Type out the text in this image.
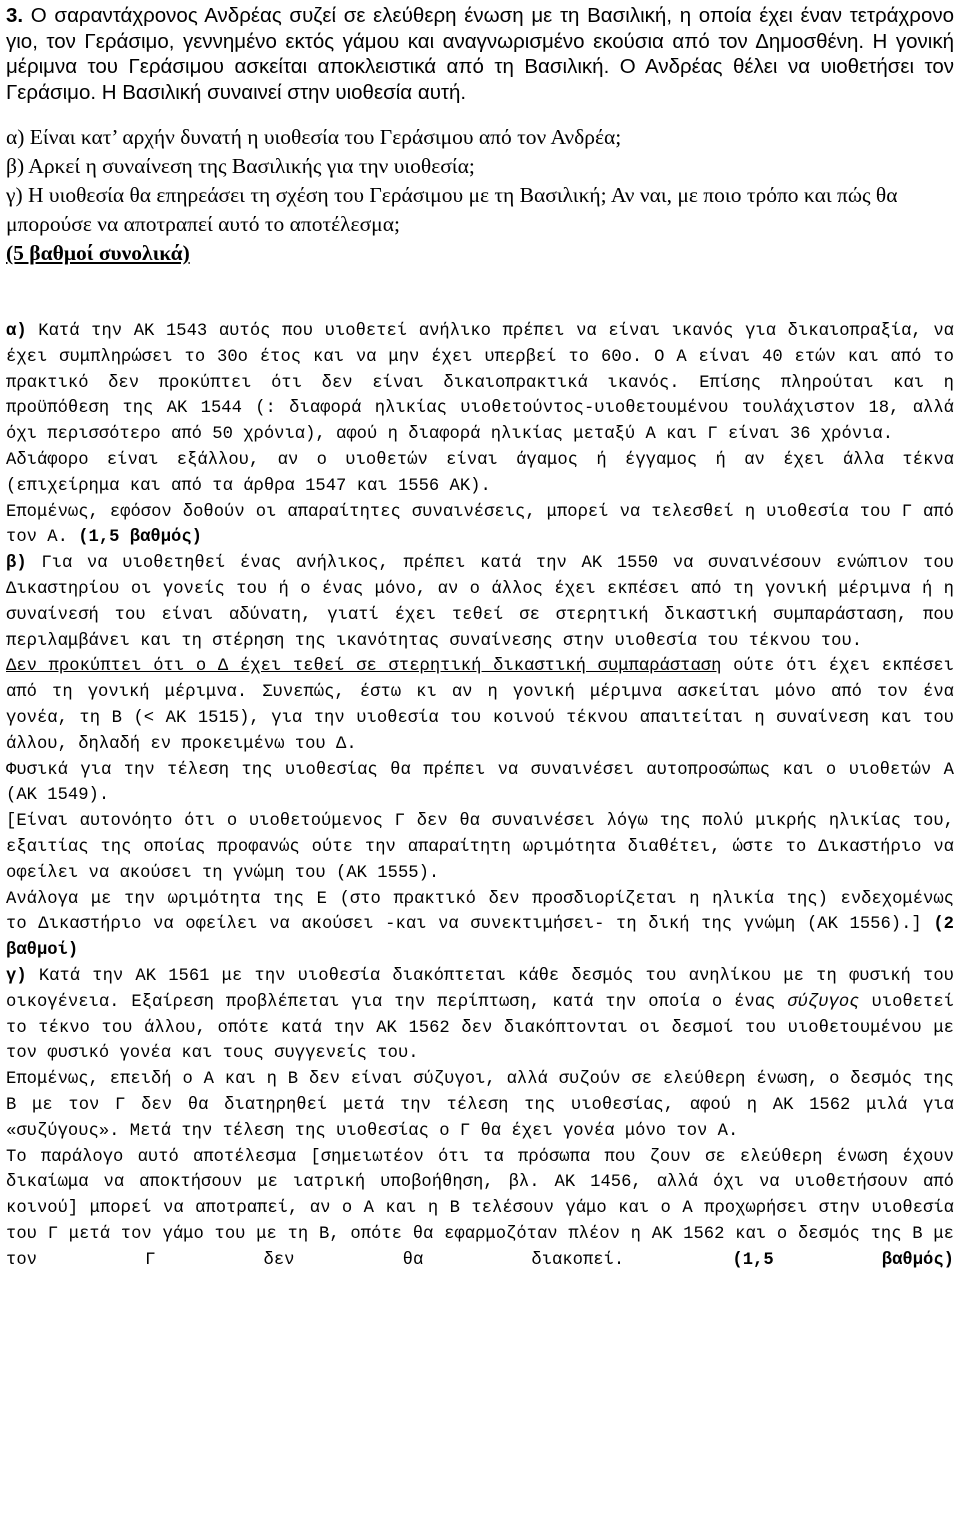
3. Ο σαραντάχρονος Ανδρέας συζεί σε ελεύθερη ένωση με τη Βασιλική, η οποία έχει έναν τετράχρονο γιο, τον Γεράσιμο, γεννημένο εκτός γάμου και αναγνωρισμένο εκούσια από τον Δημοσθένη. Η γονική μέριμνα του Γεράσιμου ασκείται αποκλειστικά από τη Βασιλική. Ο Ανδρέας θέλει να υιοθετήσει τον Γεράσιμο. Η Βασιλική συναινεί στην υιοθεσία αυτή.

α) Είναι κατ’ αρχήν δυνατή η υιοθεσία του Γεράσιμου από τον Ανδρέα;

β) Αρκεί η συναίνεση της Βασιλικής για την υιοθεσία;

γ) Η υιοθεσία θα επηρεάσει τη σχέση του Γεράσιμου με τη Βασιλική; Αν ναι, με ποιο τρόπο και πώς θα μπορούσε να αποτραπεί αυτό το αποτέλεσμα;

(5 βαθμοί συνολικά)

α) Κατά την ΑΚ 1543 αυτός που υιοθετεί ανήλικο πρέπει να είναι ικανός για δικαιοπραξία, να έχει συμπληρώσει το 30ο έτος και να μην έχει υπερβεί το 60ο. Ο Α είναι 40 ετών και από το πρακτικό δεν προκύπτει ότι δεν είναι δικαιοπρακτικά ικανός. Επίσης πληρούται και η προϋπόθεση της ΑΚ 1544 (: διαφορά ηλικίας υιοθετούντος-υιοθετουμένου τουλάχιστον 18, αλλά όχι περισσότερο από 50 χρόνια), αφού η διαφορά ηλικίας μεταξύ Α και Γ είναι 36 χρόνια.

Αδιάφορο είναι εξάλλου, αν ο υιοθετών είναι άγαμος ή έγγαμος ή αν έχει άλλα τέκνα (επιχείρημα και από τα άρθρα 1547 και 1556 ΑΚ).

Επομένως, εφόσον δοθούν οι απαραίτητες συναινέσεις, μπορεί να τελεσθεί η υιοθεσία του Γ από τον Α. (1,5 βαθμός)

β) Για να υιοθετηθεί ένας ανήλικος, πρέπει κατά την ΑΚ 1550 να συναινέσουν ενώπιον του Δικαστηρίου οι γονείς του ή ο ένας μόνο, αν ο άλλος έχει εκπέσει από τη γονική μέριμνα ή η συναίνεσή του είναι αδύνατη, γιατί έχει τεθεί σε στερητική δικαστική συμπαράσταση, που περιλαμβάνει και τη στέρηση της ικανότητας συναίνεσης στην υιοθεσία του τέκνου του.

Δεν προκύπτει ότι ο Δ έχει τεθεί σε στερητική δικαστική συμπαράσταση ούτε ότι έχει εκπέσει από τη γονική μέριμνα. Συνεπώς, έστω κι αν η γονική μέριμνα ασκείται μόνο από τον ένα γονέα, τη Β (< ΑΚ 1515), για την υιοθεσία του κοινού τέκνου απαιτείται η συναίνεση και του άλλου, δηλαδή εν προκειμένω του Δ.

Φυσικά για την τέλεση της υιοθεσίας θα πρέπει να συναινέσει αυτοπροσώπως και ο υιοθετών Α (ΑΚ 1549).

[Είναι αυτονόητο ότι ο υιοθετούμενος Γ δεν θα συναινέσει λόγω της πολύ μικρής ηλικίας του, εξαιτίας της οποίας προφανώς ούτε την απαραίτητη ωριμότητα διαθέτει, ώστε το Δικαστήριο να οφείλει να ακούσει τη γνώμη του (ΑΚ 1555).

Ανάλογα με την ωριμότητα της Ε (στο πρακτικό δεν προσδιορίζεται η ηλικία της) ενδεχομένως το Δικαστήριο να οφείλει να ακούσει -και να συνεκτιμήσει- τη δική της γνώμη (ΑΚ 1556).] (2 βαθμοί)

γ) Κατά την ΑΚ 1561 με την υιοθεσία διακόπτεται κάθε δεσμός του ανηλίκου με τη φυσική του οικογένεια. Εξαίρεση προβλέπεται για την περίπτωση, κατά την οποία ο ένας σύζυγος υιοθετεί το τέκνο του άλλου, οπότε κατά την ΑΚ 1562 δεν διακόπτονται οι δεσμοί του υιοθετουμένου με τον φυσικό γονέα και τους συγγενείς του.

Επομένως, επειδή ο Α και η Β δεν είναι σύζυγοι, αλλά συζούν σε ελεύθερη ένωση, ο δεσμός της Β με τον Γ δεν θα διατηρηθεί μετά την τέλεση της υιοθεσίας, αφού η ΑΚ 1562 μιλά για «συζύγους». Μετά την τέλεση της υιοθεσίας ο Γ θα έχει γονέα μόνο τον Α.

Το παράλογο αυτό αποτέλεσμα [σημειωτέον ότι τα πρόσωπα που ζουν σε ελεύθερη ένωση έχουν δικαίωμα να αποκτήσουν με ιατρική υποβοήθηση, βλ. ΑΚ 1456, αλλά όχι να υιοθετήσουν από κοινού] μπορεί να αποτραπεί, αν ο Α και η Β τελέσουν γάμο και ο Α προχωρήσει στην υιοθεσία του Γ μετά τον γάμο του με τη Β, οπότε θα εφαρμοζόταν πλέον η ΑΚ 1562 και ο δεσμός της Β με τον Γ δεν θα διακοπεί.	(1,5 βαθμός)
